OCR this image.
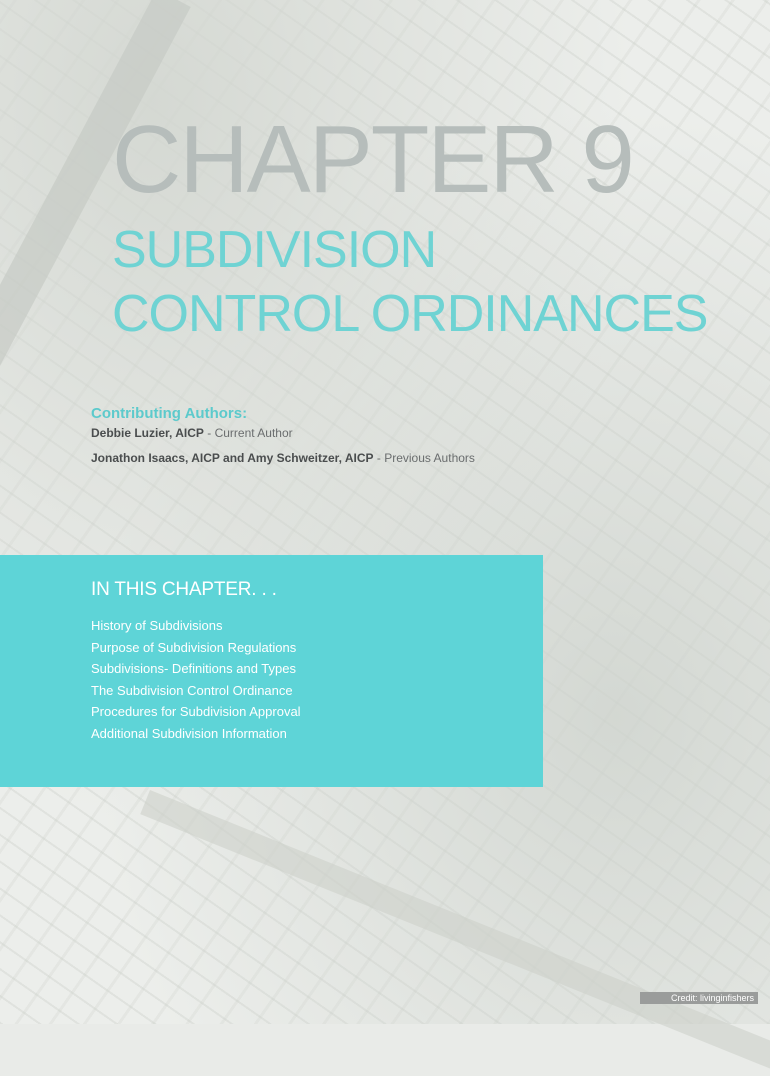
CHAPTER 9
SUBDIVISION
CONTROL ORDINANCES
Contributing Authors:
Debbie Luzier, AICP - Current Author
Jonathon Isaacs, AICP and Amy Schweitzer, AICP - Previous Authors
IN THIS CHAPTER. . .
History of Subdivisions
Purpose of Subdivision Regulations
Subdivisions- Definitions and Types
The Subdivision Control Ordinance
Procedures for Subdivision Approval
Additional Subdivision Information
Credit: livinginfishers
